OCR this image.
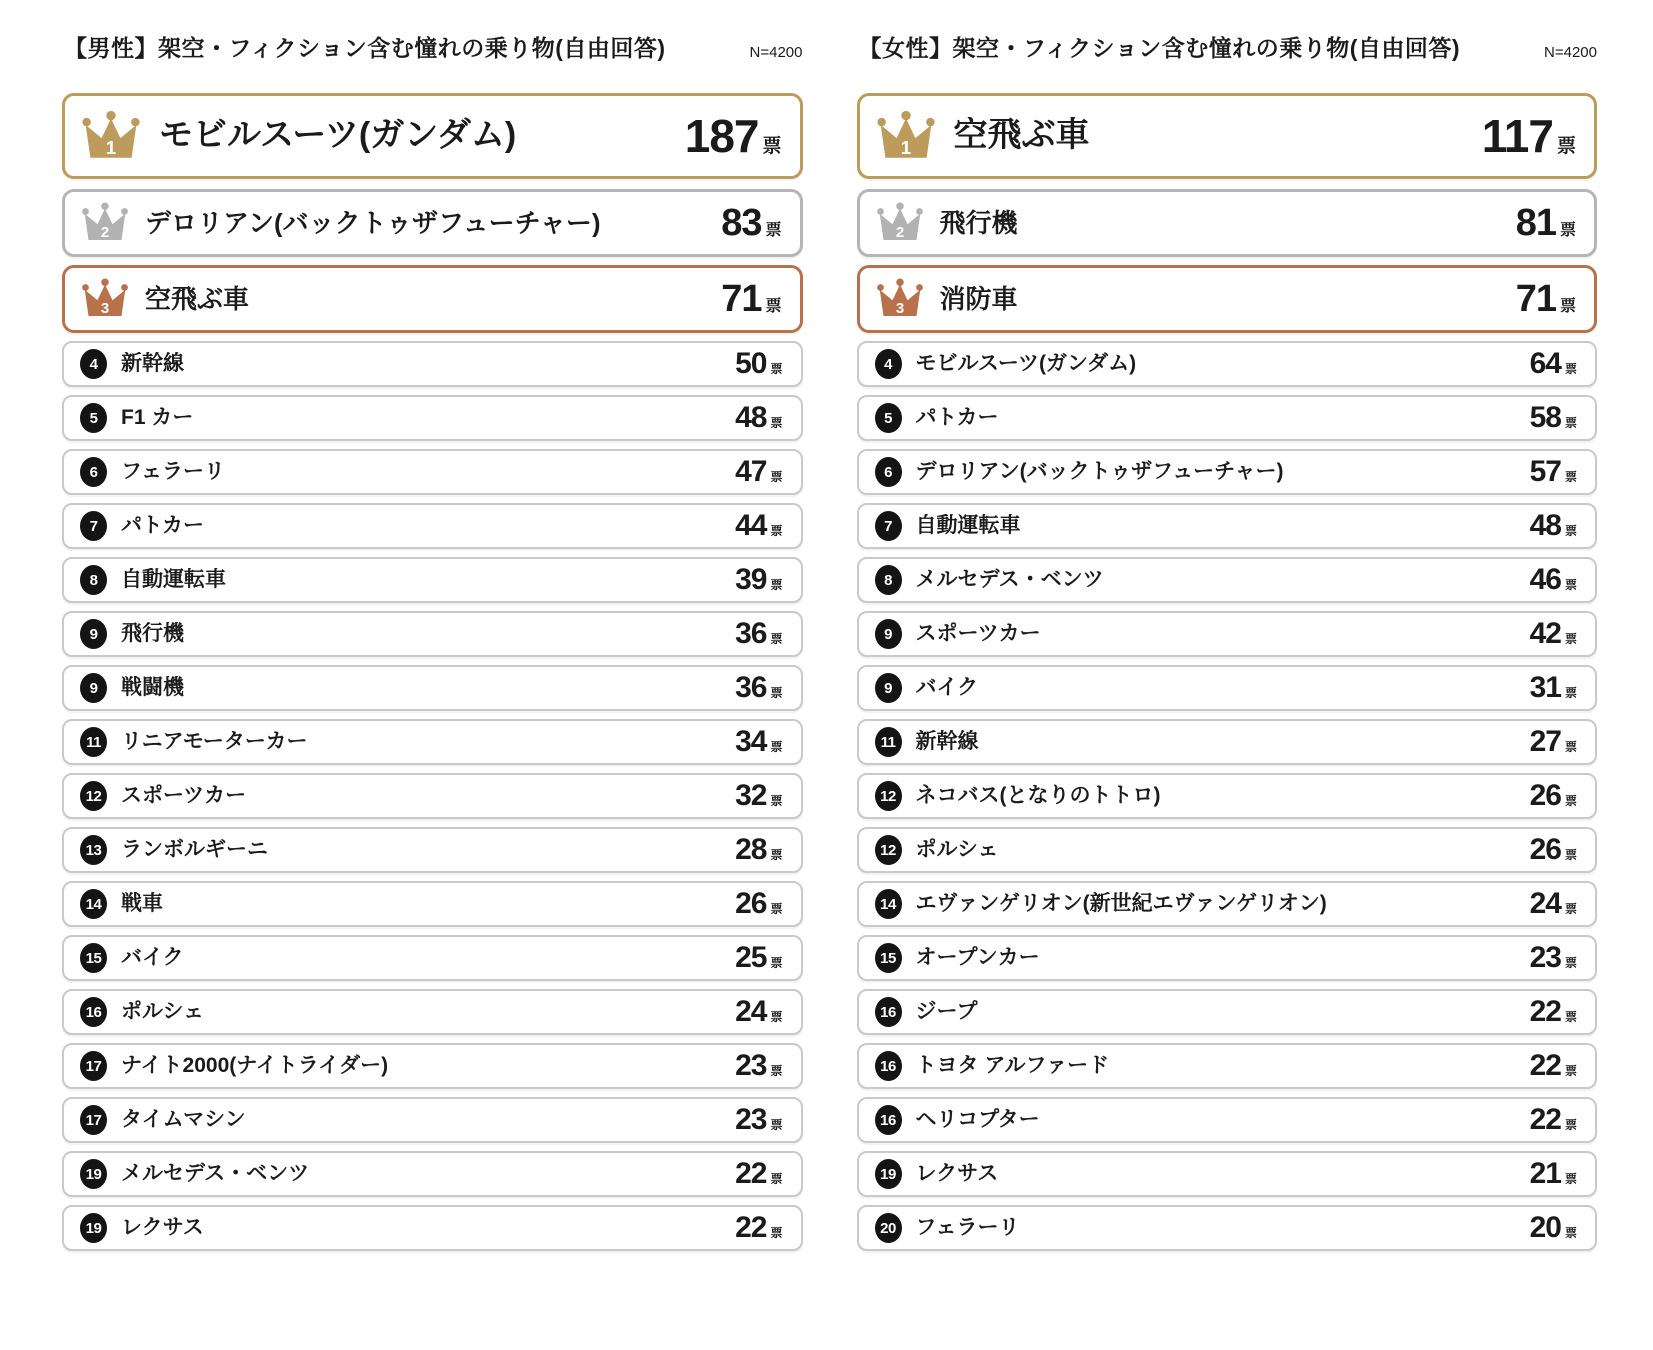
【男性】架空・フィクション含む憧れの乗り物(自由回答)	N=4200
1 モビルスーツ(ガンダム)	187 票
2 デロリアン(バックトゥザフューチャー)	83 票
3 空飛ぶ車	71 票
4	新幹線	50 票
5	F1 カー	48 票
6	フェラーリ	47 票
7	パトカー	44 票
8	自動運転車	39 票
9	飛行機	36 票
9	戦闘機	36 票
11 リニアモーターカー	34 票
12 スポーツカー	32 票
13 ランボルギーニ	28 票
14 戦車	26 票
15 バイク	25 票
16 ポルシェ	24 票
17 ナイト2000(ナイトライダー)	23 票
17 タイムマシン	23 票
19 メルセデス・ベンツ	22 票
19 レクサス	22 票
【女性】架空・フィクション含む憧れの乗り物(自由回答)	N=4200
1 空飛ぶ車	117 票
2 飛行機	81 票
3 消防車	71 票
4	モビルスーツ(ガンダム)	64 票
5	パトカー	58 票
6	デロリアン(バックトゥザフューチャー)	57 票
7	自動運転車	48 票
8	メルセデス・ベンツ	46 票
9	スポーツカー	42 票
9	バイク	31 票
11 新幹線	27 票
12 ネコバス(となりのトトロ)	26 票
12 ポルシェ	26 票
14 エヴァンゲリオン(新世紀エヴァンゲリオン)	24 票
15 オープンカー	23 票
16 ジープ	22 票
16 トヨタ アルファード	22 票
16 ヘリコプター	22 票
19 レクサス	21 票
20 フェラーリ	20 票
